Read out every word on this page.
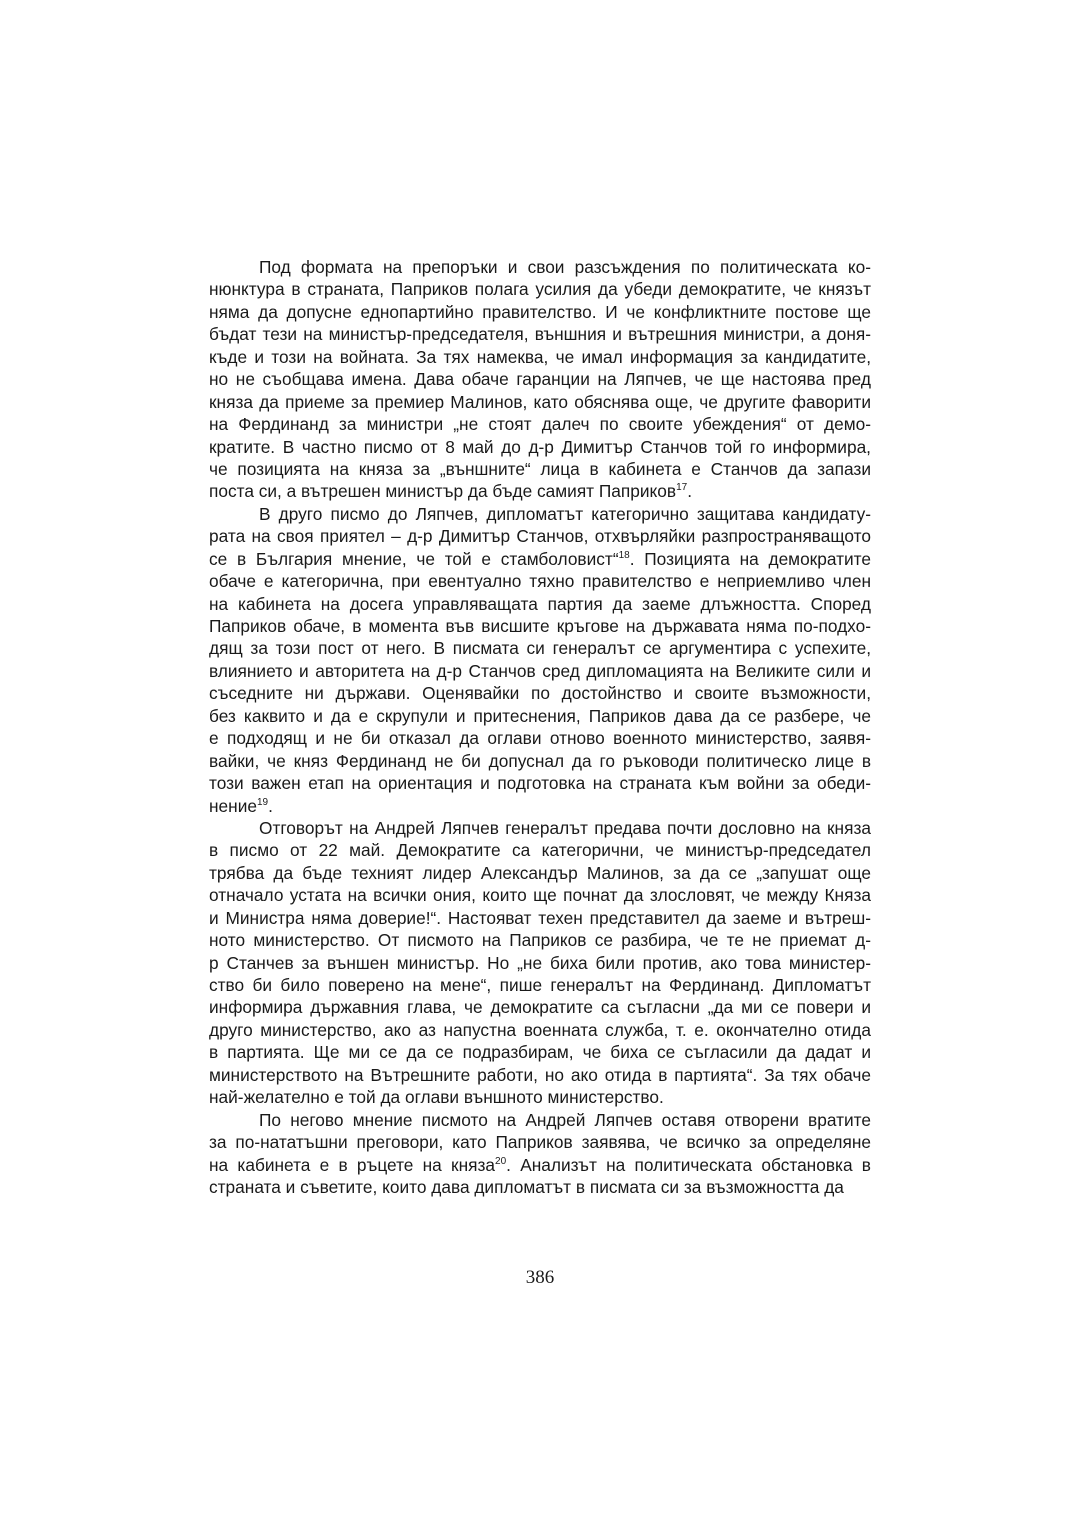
Под формата на препоръки и свои разсъждения по политическата ко-
нюнктура в страната, Паприков полага усилия да убеди демократите, че князът
няма да допусне еднопартийно правителство. И че конфликтните постове ще
бъдат тези на министър-председателя, външния и вътрешния министри, а доня-
къде и този на войната. За тях намеква, че имал информация за кандидатите,
но не съобщава имена. Дава обаче гаранции на Ляпчев, че ще настоява пред
княза да приеме за премиер Малинов, като обяснява още, че другите фаворити
на Фердинанд за министри „не стоят далеч по своите убеждения“ от демо-
кратите. В частно писмо от 8 май до д-р Димитър Станчов той го информира,
че позицията на княза за „външните“ лица в кабинета е Станчов да запази
поста си, а вътрешен министър да бъде самият Паприков$^{17}$.
В друго писмо до Ляпчев, дипломатът категорично защитава кандидату-
рата на своя приятел – д-р Димитър Станчов, отхвърляйки разпространяващото
се в България мнение, че той е стамболовист“$^{18}$. Позицията на демократите
обаче е категорична, при евентуално тяхно правителство е неприемливо член
на кабинета на досега управляващата партия да заеме длъжността. Според
Паприков обаче, в момента във висшите кръгове на държавата няма по-подхо-
дящ за този пост от него. В писмата си генералът се аргументира с успехите,
влиянието и авторитета на д-р Станчов сред дипломацията на Великите сили и
съседните ни държави. Оценявайки по достойнство и своите възможности,
без каквито и да е скрупули и притеснения, Паприков дава да се разбере, че
е подходящ и не би отказал да оглави отново военното министерство, заявя-
вайки, че княз Фердинанд не би допуснал да го ръководи политическо лице в
този важен етап на ориентация и подготовка на страната към войни за обеди-
нение$^{19}$.
Отговорът на Андрей Ляпчев генералът предава почти дословно на княза
в писмо от 22 май. Демократите са категорични, че министър-председател
трябва да бъде техният лидер Александър Малинов, за да се „запушат още
отначало устата на всички ония, които ще почнат да злословят, че между Княза
и Министра няма доверие!“. Настояват техен представител да заеме и вътреш-
ното министерство. От писмото на Паприков се разбира, че те не приемат д-
р Станчев за външен министър. Но „не биха били против, ако това министер-
ство би било поверено на мене“, пише генералът на Фердинанд. Дипломатът
информира държавния глава, че демократите са съгласни „да ми се повери и
друго министерство, ако аз напустна военната служба, т. е. окончателно отида
в партията. Ще ми се да се подразбирам, че биха се съгласили да дадат и
министерството на Вътрешните работи, но ако отида в партията“. За тях обаче
най-желателно е той да оглави външното министерство.
По негово мнение писмото на Андрей Ляпчев оставя отворени вратите
за по-нататъшни преговори, като Паприков заявява, че всичко за определяне
на кабинета е в ръцете на княза$^{20}$. Анализът на политическата обстановка в
страната и съветите, които дава дипломатът в писмата си за възможността да
386
